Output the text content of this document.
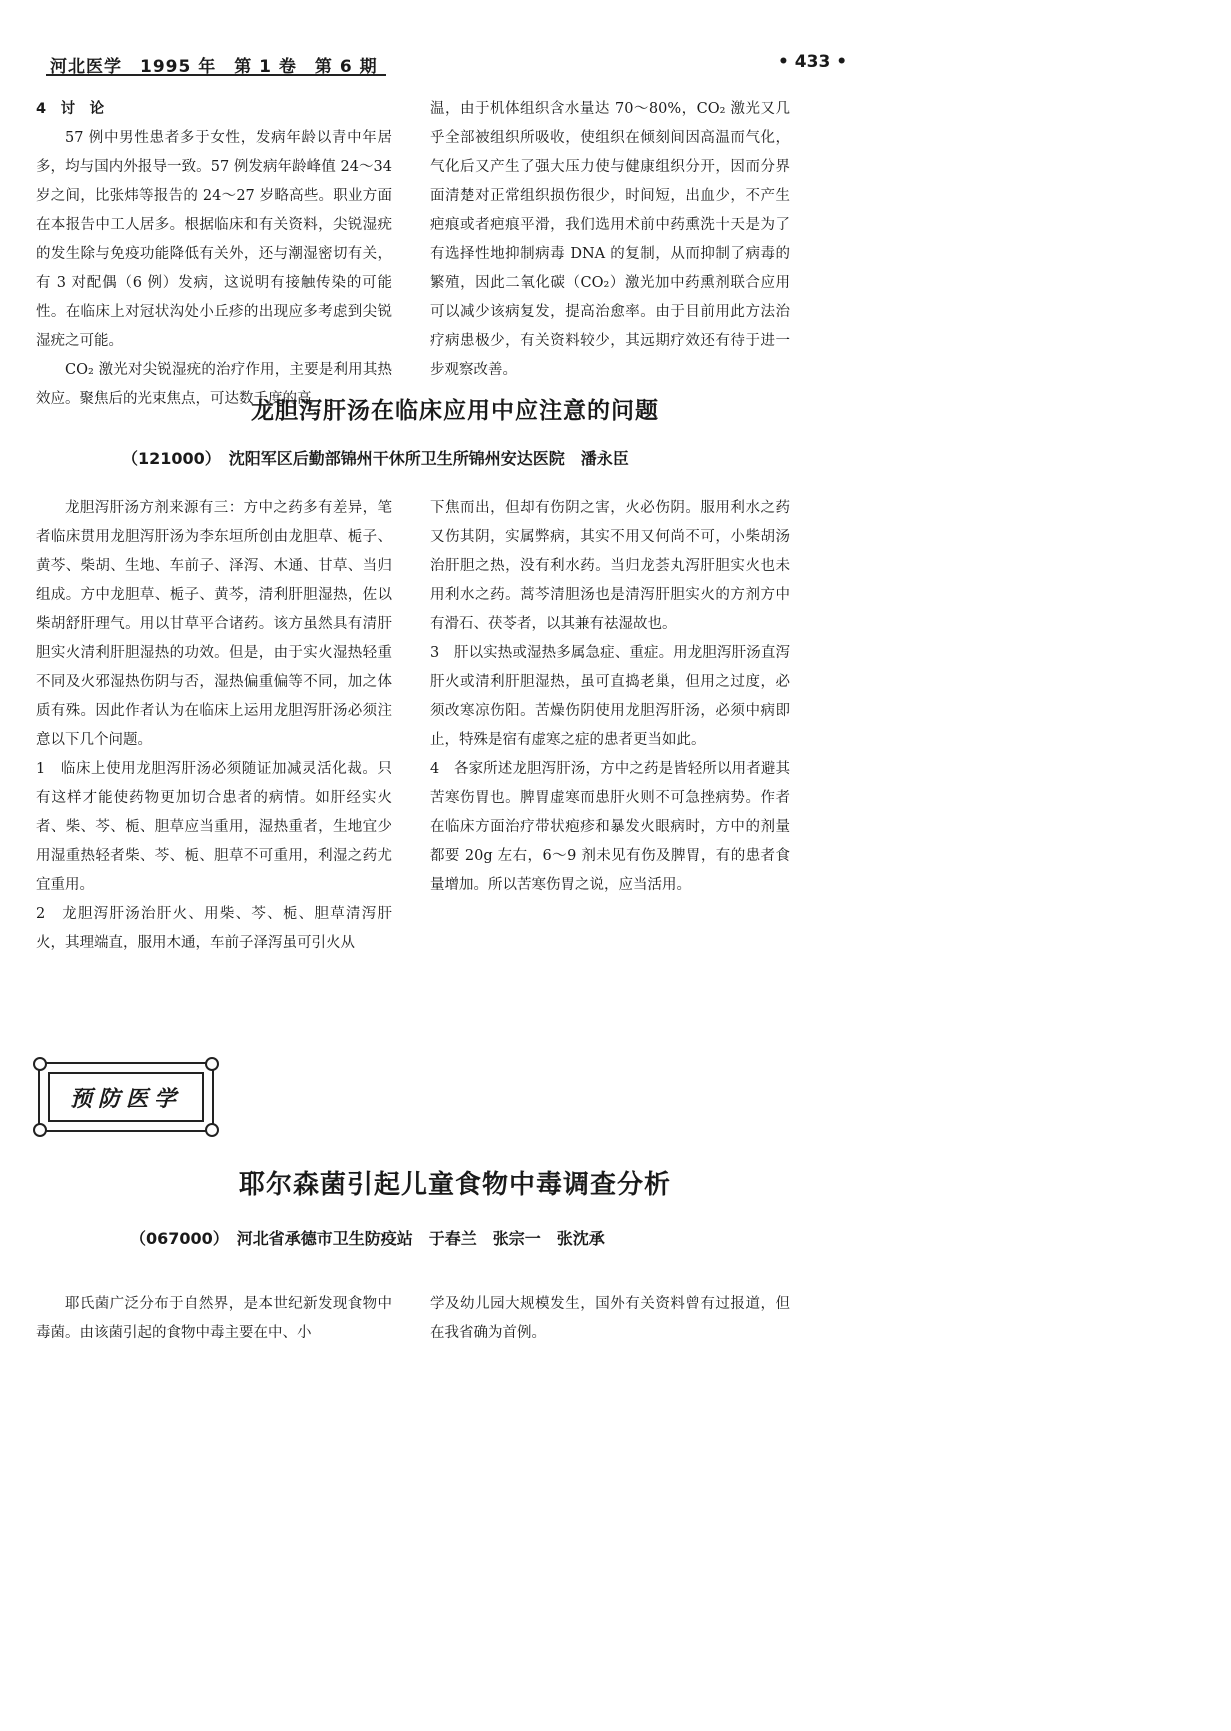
河北医学　1995 年　第 1 卷　第 6 期	• 433 •

4　讨　论

57 例中男性患者多于女性，发病年龄以青中年居多，均与国内外报导一致。57 例发病年龄峰值 24～34 岁之间，比张炜等报告的 24～27 岁略高些。职业方面在本报告中工人居多。根据临床和有关资料，尖锐湿疣的发生除与免疫功能降低有关外，还与潮湿密切有关，有 3 对配偶（6 例）发病，这说明有接触传染的可能性。在临床上对冠状沟处小丘疹的出现应多考虑到尖锐湿疣之可能。

CO₂ 激光对尖锐湿疣的治疗作用，主要是利用其热效应。聚焦后的光束焦点，可达数千度的高

温，由于机体组织含水量达 70～80%，CO₂ 激光又几乎全部被组织所吸收，使组织在倾刻间因高温而气化，气化后又产生了强大压力使与健康组织分开，因而分界面清楚对正常组织损伤很少，时间短，出血少，不产生疤痕或者疤痕平滑，我们选用术前中药熏洗十天是为了有选择性地抑制病毒 DNA 的复制，从而抑制了病毒的繁殖，因此二氧化碳（CO₂）激光加中药熏剂联合应用可以减少该病复发，提高治愈率。由于目前用此方法治疗病患极少，有关资料较少，其远期疗效还有待于进一步观察改善。

龙胆泻肝汤在临床应用中应注意的问题
（121000）　沈阳军区后勤部锦州干休所卫生所锦州安达医院　潘永臣

龙胆泻肝汤方剂来源有三：方中之药多有差异，笔者临床贯用龙胆泻肝汤为李东垣所创由龙胆草、栀子、黄芩、柴胡、生地、车前子、泽泻、木通、甘草、当归组成。方中龙胆草、栀子、黄芩，清利肝胆湿热，佐以柴胡舒肝理气。用以甘草平合诸药。该方虽然具有清肝胆实火清利肝胆湿热的功效。但是，由于实火湿热轻重不同及火邪湿热伤阴与否，湿热偏重偏等不同，加之体质有殊。因此作者认为在临床上运用龙胆泻肝汤必须注意以下几个问题。

1　临床上使用龙胆泻肝汤必须随证加减灵活化裁。只有这样才能使药物更加切合患者的病情。如肝经实火者、柴、芩、栀、胆草应当重用，湿热重者，生地宜少用湿重热轻者柴、芩、栀、胆草不可重用，利湿之药尤宜重用。

2　龙胆泻肝汤治肝火、用柴、芩、栀、胆草清泻肝火，其理端直，服用木通，车前子泽泻虽可引火从

下焦而出，但却有伤阴之害，火必伤阴。服用利水之药又伤其阴，实属弊病，其实不用又何尚不可，小柴胡汤治肝胆之热，没有利水药。当归龙荟丸泻肝胆实火也未用利水之药。蒿芩清胆汤也是清泻肝胆实火的方剂方中有滑石、茯苓者，以其兼有祛湿故也。

3　肝以实热或湿热多属急症、重症。用龙胆泻肝汤直泻肝火或清利肝胆湿热，虽可直捣老巢，但用之过度，必须改寒凉伤阳。苦燥伤阴使用龙胆泻肝汤，必须中病即止，特殊是宿有虚寒之症的患者更当如此。

4　各家所述龙胆泻肝汤，方中之药是皆轻所以用者避其苦寒伤胃也。脾胃虚寒而患肝火则不可急挫病势。作者在临床方面治疗带状疱疹和暴发火眼病时，方中的剂量都要 20g 左右，6～9 剂未见有伤及脾胃，有的患者食量增加。所以苦寒伤胃之说，应当活用。

预防医学
耶尔森菌引起儿童食物中毒调查分析
（067000）　河北省承德市卫生防疫站　于春兰　张宗一　张沈承

耶氏菌广泛分布于自然界，是本世纪新发现食物中毒菌。由该菌引起的食物中毒主要在中、小

学及幼儿园大规模发生，国外有关资料曾有过报道，但在我省确为首例。
